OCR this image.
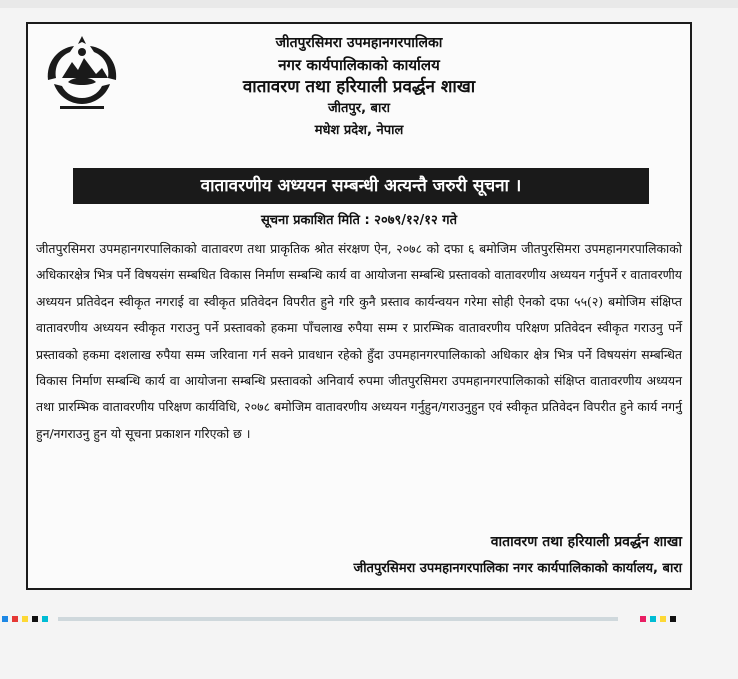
जीतपुरसिमरा उपमहानगरपालिका
नगर कार्यपालिकाको कार्यालय
वातावरण तथा हरियाली प्रवर्द्धन शाखा
जीतपुर, बारा
मधेश प्रदेश, नेपाल
वातावरणीय अध्ययन सम्बन्धी अत्यन्तै जरुरी सूचना ।
सूचना प्रकाशित मिति : २०७९/१२/१२ गते
जीतपुरसिमरा उपमहानगरपालिकाको वातावरण तथा प्राकृतिक श्रोत संरक्षण ऐन, २०७८ को दफा ६ बमोजिम जीतपुरसिमरा उपमहानगरपालिकाको अधिकारक्षेत्र भित्र पर्ने विषयसंग सम्बधित विकास निर्माण सम्बन्धि कार्य वा आयोजना सम्बन्धि प्रस्तावको वातावरणीय अध्ययन गर्नुपर्ने र वातावरणीय अध्ययन प्रतिवेदन स्वीकृत नगराई वा स्वीकृत प्रतिवेदन विपरीत हुने गरि कुनै प्रस्ताव कार्यन्वयन गरेमा सोही ऐनको दफा ५५(२) बमोजिम संक्षिप्त वातावरणीय अध्ययन स्वीकृत गराउनु पर्ने प्रस्तावको हकमा पाँचलाख रुपैया सम्म र प्रारम्भिक वातावरणीय परिक्षण प्रतिवेदन स्वीकृत गराउनु पर्ने प्रस्तावको हकमा दशलाख रुपैया सम्म जरिवाना गर्न सक्ने प्रावधान रहेको हुँदा उपमहानगरपालिकाको अधिकार क्षेत्र भित्र पर्ने विषयसंग सम्बन्धित विकास निर्माण सम्बन्धि कार्य वा आयोजना सम्बन्धि प्रस्तावको अनिवार्य रुपमा जीतपुरसिमरा उपमहानगरपालिकाको संक्षिप्त वातावरणीय अध्ययन तथा प्रारम्भिक वातावरणीय परिक्षण कार्यविधि, २०७८ बमोजिम वातावरणीय अध्ययन गर्नुहुन/गराउनुहुन एवं स्वीकृत प्रतिवेदन विपरीत हुने कार्य नगर्नु हुन/नगराउनु हुन यो सूचना प्रकाशन गरिएको छ ।
वातावरण तथा हरियाली प्रवर्द्धन शाखा
जीतपुरसिमरा उपमहानगरपालिका नगर कार्यपालिकाको कार्यालय, बारा
